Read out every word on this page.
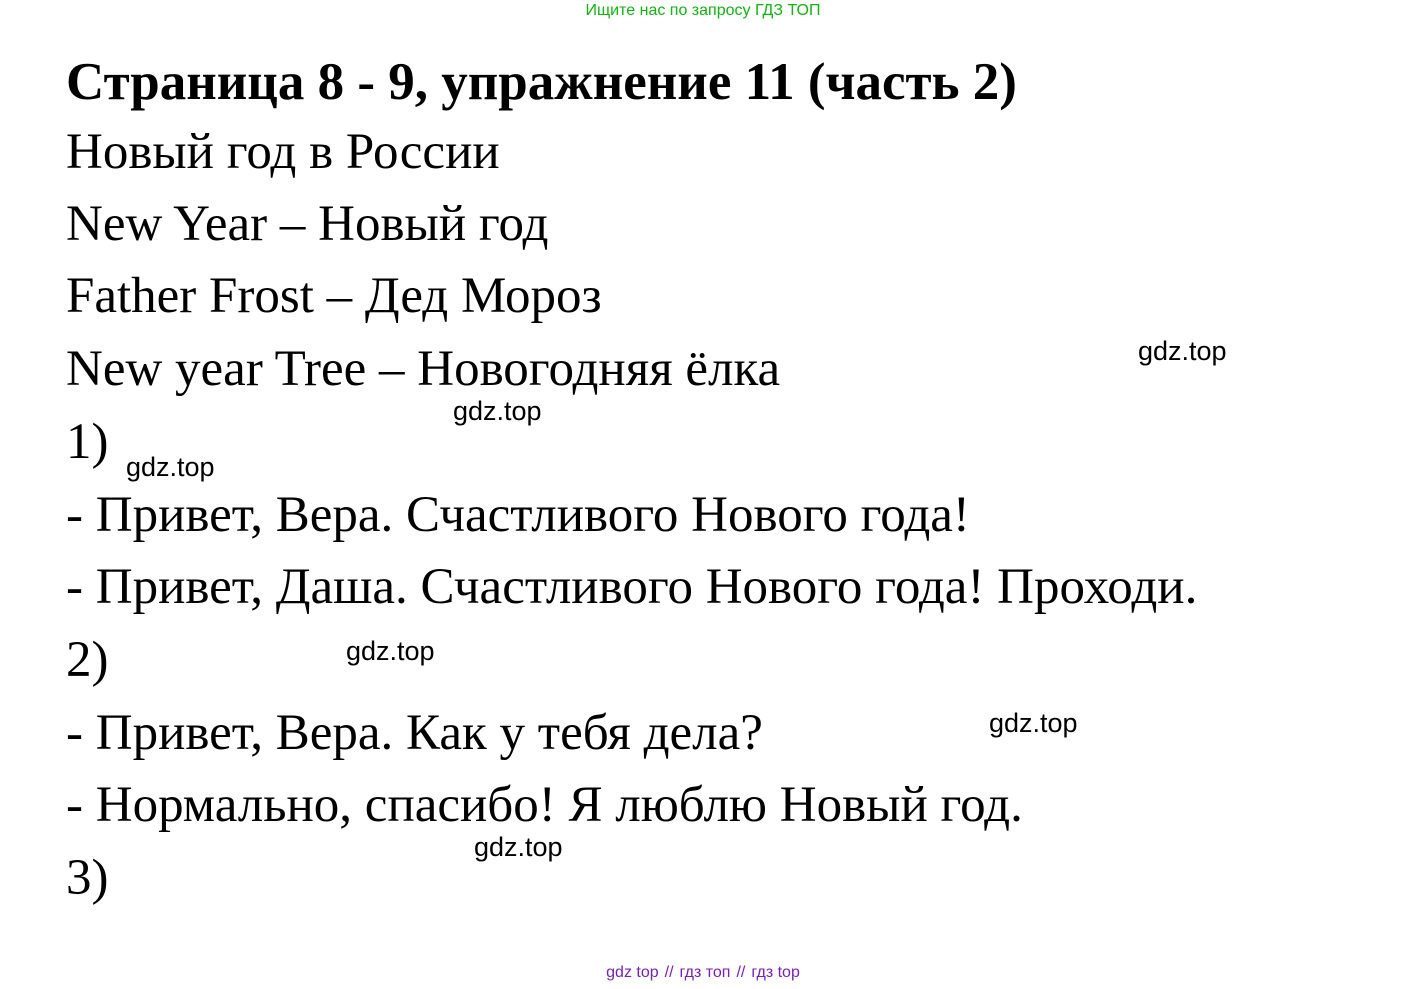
Ищите нас по запросу ГДЗ ТОП
Страница 8 - 9, упражнение 11 (часть 2)
Новый год в России
New Year – Новый год
Father Frost – Дед Мороз
New year Tree – Новогодняя ёлка
1)
- Привет, Вера. Счастливого Нового года!
- Привет, Даша. Счастливого Нового года! Проходи.
2)
- Привет, Вера. Как у тебя дела?
- Нормально, спасибо! Я люблю Новый год.
3)
gdz.top
gdz.top
gdz.top
gdz.top
gdz.top
gdz.top
gdz top // гдз топ // гдз top
